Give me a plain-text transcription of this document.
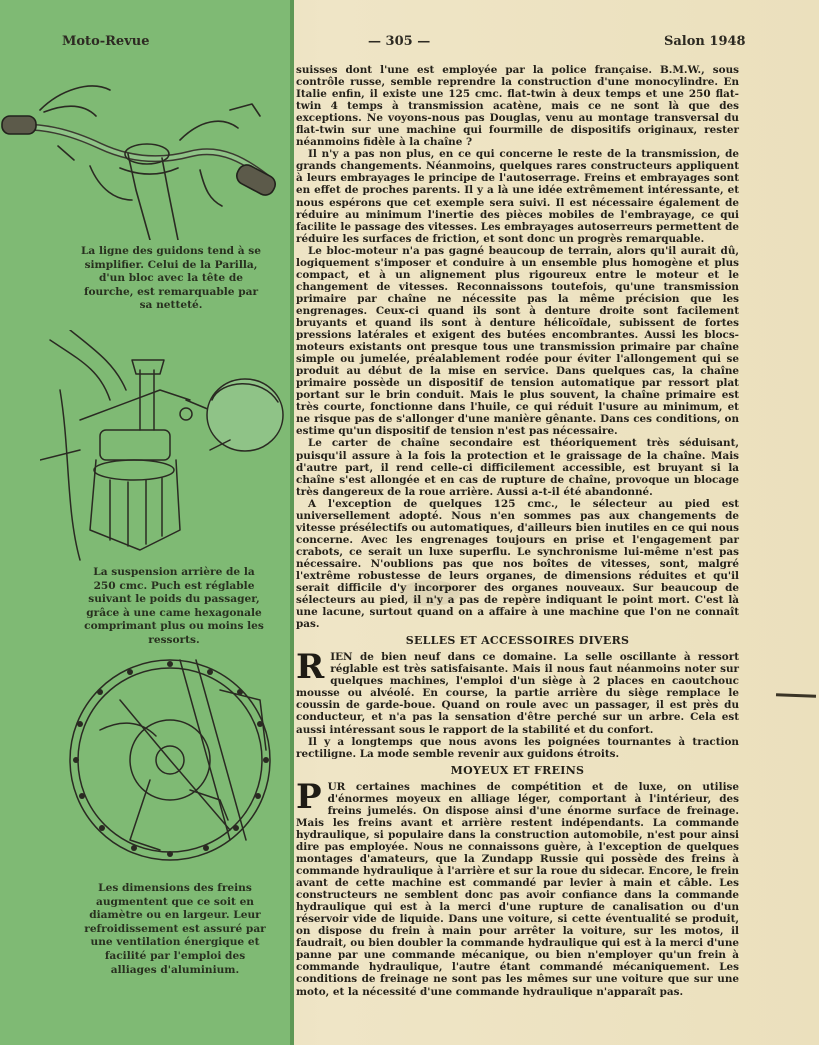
Moto-Revue	— 305 —	Salon 1948
La ligne des guidons tend à se simplifier. Celui de la Parilla, d'un bloc avec la tête de fourche, est remarquable par sa netteté.
La suspension arrière de la 250 cmc. Puch est réglable suivant le poids du passager, grâce à une came hexagonale comprimant plus ou moins les ressorts.
Les dimensions des freins augmentent que ce soit en diamètre ou en largeur. Leur refroidissement est assuré par une ventilation énergique et facilité par l'emploi des alliages d'aluminium.

suisses dont l'une est employée par la police française. B.M.W., sous contrôle russe, semble reprendre la construction d'une monocylindre. En Italie enfin, il existe une 125 cmc. flat-twin à deux temps et une 250 flat-twin 4 temps à transmission acatène, mais ce ne sont là que des exceptions. Ne voyons-nous pas Douglas, venu au montage transversal du flat-twin sur une machine qui fourmille de dispositifs originaux, rester néanmoins fidèle à la chaîne ?

Il n'y a pas non plus, en ce qui concerne le reste de la transmission, de grands changements. Néanmoins, quelques rares constructeurs appliquent à leurs embrayages le principe de l'autoserrage. Freins et embrayages sont en effet de proches parents. Il y a là une idée extrêmement intéressante, et nous espérons que cet exemple sera suivi. Il est nécessaire également de réduire au minimum l'inertie des pièces mobiles de l'embrayage, ce qui facilite le passage des vitesses. Les embrayages autoserreurs permettent de réduire les surfaces de friction, et sont donc un progrès remarquable.

Le bloc-moteur n'a pas gagné beaucoup de terrain, alors qu'il aurait dû, logiquement s'imposer et conduire à un ensemble plus homogène et plus compact, et à un alignement plus rigoureux entre le moteur et le changement de vitesses. Reconnaissons toutefois, qu'une transmission primaire par chaîne ne nécessite pas la même précision que les engrenages. Ceux-ci quand ils sont à denture droite sont facilement bruyants et quand ils sont à denture hélicoïdale, subissent de fortes pressions latérales et exigent des butées encombrantes. Aussi les blocs-moteurs existants ont presque tous une transmission primaire par chaîne simple ou jumelée, préalablement rodée pour éviter l'allongement qui se produit au début de la mise en service. Dans quelques cas, la chaîne primaire possède un dispositif de tension automatique par ressort plat portant sur le brin conduit. Mais le plus souvent, la chaîne primaire est très courte, fonctionne dans l'huile, ce qui réduit l'usure au minimum, et ne risque pas de s'allonger d'une manière gênante. Dans ces conditions, on estime qu'un dispositif de tension n'est pas nécessaire.

Le carter de chaîne secondaire est théoriquement très séduisant, puisqu'il assure à la fois la protection et le graissage de la chaîne. Mais d'autre part, il rend celle-ci difficilement accessible, est bruyant si la chaîne s'est allongée et en cas de rupture de chaîne, provoque un blocage très dangereux de la roue arrière. Aussi a-t-il été abandonné.

A l'exception de quelques 125 cmc., le sélecteur au pied est universellement adopté. Nous n'en sommes pas aux changements de vitesse présélectifs ou automatiques, d'ailleurs bien inutiles en ce qui nous concerne. Avec les engrenages toujours en prise et l'engagement par crabots, ce serait un luxe superflu. Le synchronisme lui-même n'est pas nécessaire. N'oublions pas que nos boîtes de vitesses, sont, malgré l'extrême robustesse de leurs organes, de dimensions réduites et qu'il serait difficile d'y incorporer des organes nouveaux. Sur beaucoup de sélecteurs au pied, il n'y a pas de repère indiquant le point mort. C'est là une lacune, surtout quand on a affaire à une machine que l'on ne connaît pas.

SELLES ET ACCESSOIRES DIVERS

RIEN de bien neuf dans ce domaine. La selle oscillante à ressort réglable est très satisfaisante. Mais il nous faut néanmoins noter sur quelques machines, l'emploi d'un siège à 2 places en caoutchouc mousse ou alvéolé. En course, la partie arrière du siège remplace le coussin de garde-boue. Quand on roule avec un passager, il est près du conducteur, et n'a pas la sensation d'être perché sur un arbre. Cela est aussi intéressant sous le rapport de la stabilité et du confort.

Il y a longtemps que nous avons les poignées tournantes à traction rectiligne. La mode semble revenir aux guidons étroits.

MOYEUX ET FREINS

PUR certaines machines de compétition et de luxe, on utilise d'énormes moyeux en alliage léger, comportant à l'intérieur, des freins jumelés. On dispose ainsi d'une énorme surface de freinage. Mais les freins avant et arrière restent indépendants. La commande hydraulique, si populaire dans la construction automobile, n'est pour ainsi dire pas employée. Nous ne connaissons guère, à l'exception de quelques montages d'amateurs, que la Zundapp Russie qui possède des freins à commande hydraulique à l'arrière et sur la roue du sidecar. Encore, le frein avant de cette machine est commandé par levier à main et câble. Les constructeurs ne semblent donc pas avoir confiance dans la commande hydraulique qui est à la merci d'une rupture de canalisation ou d'un réservoir vide de liquide. Dans une voiture, si cette éventualité se produit, on dispose du frein à main pour arrêter la voiture, sur les motos, il faudrait, ou bien doubler la commande hydraulique qui est à la merci d'une panne par une commande mécanique, ou bien n'employer qu'un frein à commande hydraulique, l'autre étant commandé mécaniquement. Les conditions de freinage ne sont pas les mêmes sur une voiture que sur une moto, et la nécessité d'une commande hydraulique n'apparaît pas.
